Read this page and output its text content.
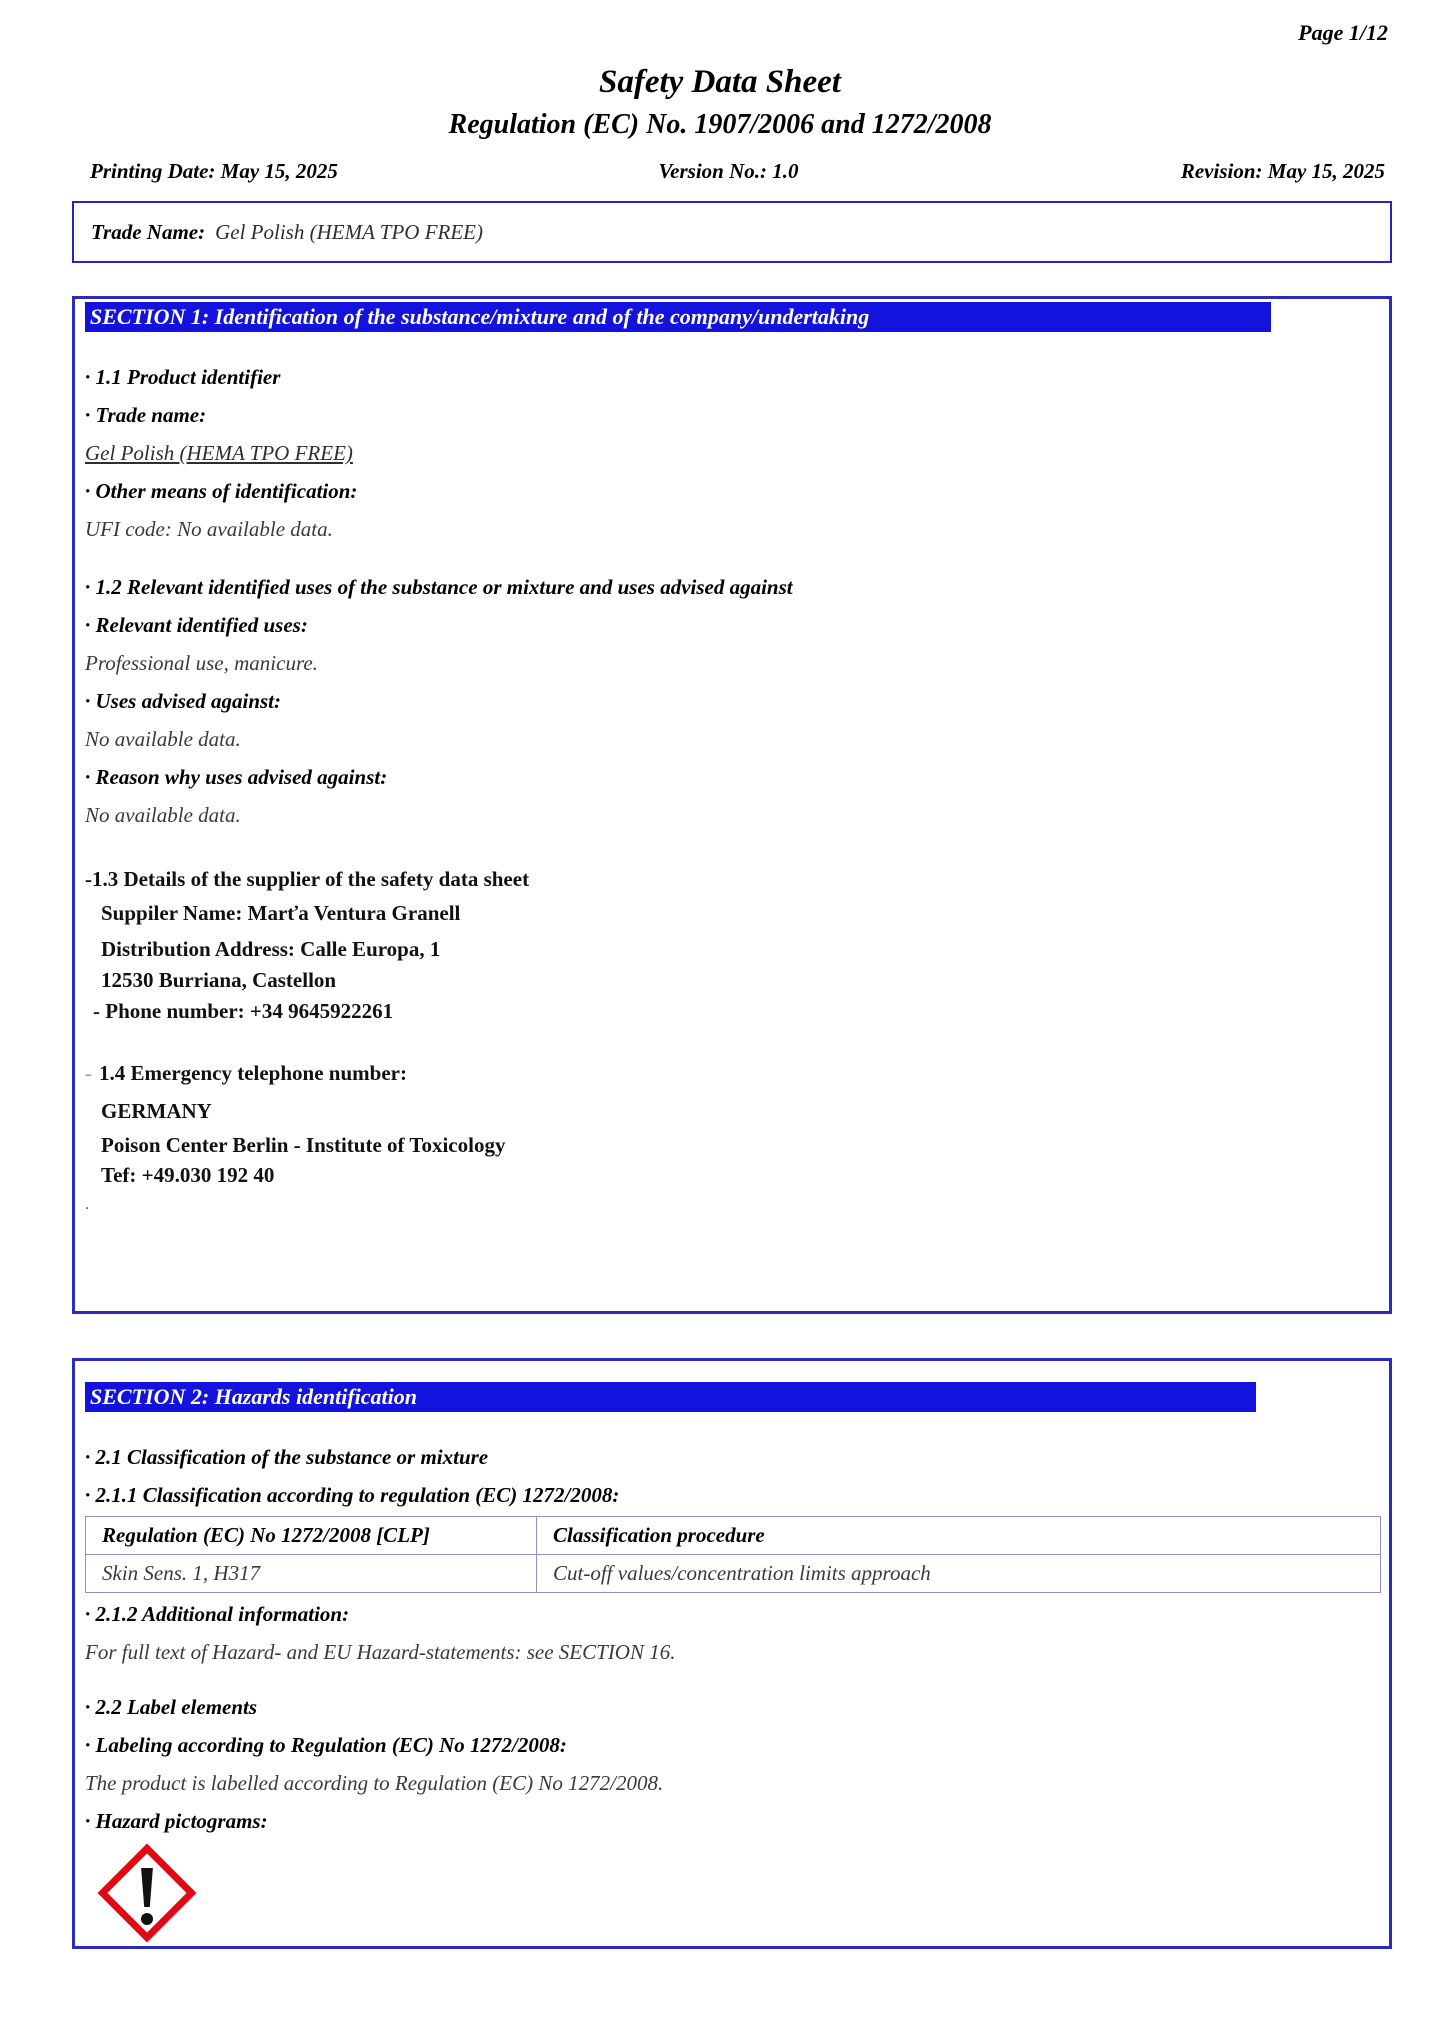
Page 1/12
Safety Data Sheet
Regulation (EC) No. 1907/2006 and 1272/2008
Printing Date: May 15, 2025	Version No.: 1.0	Revision: May 15, 2025
Trade Name: Gel Polish (HEMA TPO FREE)
SECTION 1: Identification of the substance/mixture and of the company/undertaking
· 1.1 Product identifier
· Trade name:
Gel Polish (HEMA TPO FREE)
· Other means of identification:
UFI code: No available data.
· 1.2 Relevant identified uses of the substance or mixture and uses advised against
· Relevant identified uses:
Professional use, manicure.
· Uses advised against:
No available data.
· Reason why uses advised against:
No available data.
-1.3 Details of the supplier of the safety data sheet
Suppiler Name: Marťa Ventura Granell
Distribution Address: Calle Europa, 1
12530 Burriana, Castellon
- Phone number: +34 9645922261
- 1.4 Emergency telephone number:
GERMANY
Poison Center Berlin - Institute of Toxicology
Tef: +49.030 192 40
.
SECTION 2: Hazards identification
· 2.1 Classification of the substance or mixture
· 2.1.1 Classification according to regulation (EC) 1272/2008:
Regulation (EC) No 1272/2008 [CLP]	Classification procedure
Skin Sens. 1, H317	Cut-off values/concentration limits approach
· 2.1.2 Additional information:
For full text of Hazard- and EU Hazard-statements: see SECTION 16.
· 2.2 Label elements
· Labeling according to Regulation (EC) No 1272/2008:
The product is labelled according to Regulation (EC) No 1272/2008.
· Hazard pictograms:
